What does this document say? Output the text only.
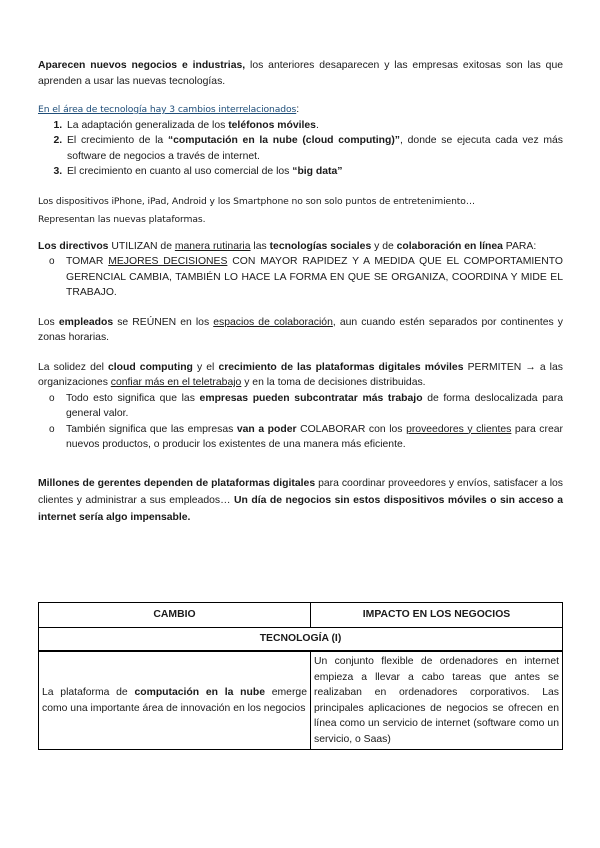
Aparecen nuevos negocios e industrias, los anteriores desaparecen y las empresas exitosas son las que aprenden a usar las nuevas tecnologías.

En el área de tecnología hay 3 cambios interrelacionados:

1. La adaptación generalizada de los teléfonos móviles.
2. El crecimiento de la “computación en la nube (cloud computing)”, donde se ejecuta cada vez más software de negocios a través de internet.
3. El crecimiento en cuanto al uso comercial de los “big data”

Los dispositivos iPhone, iPad, Android y los Smartphone no son solo puntos de entretenimiento…

Representan las nuevas plataformas.

Los directivos UTILIZAN de manera rutinaria las tecnologías sociales y de colaboración en línea PARA:

o TOMAR MEJORES DECISIONES CON MAYOR RAPIDEZ Y A MEDIDA QUE EL COMPORTAMIENTO GERENCIAL CAMBIA, TAMBIÉN LO HACE LA FORMA EN QUE SE ORGANIZA, COORDINA Y MIDE EL TRABAJO.

Los empleados se REÚNEN en los espacios de colaboración, aun cuando estén separados por continentes y zonas horarias.

La solidez del cloud computing y el crecimiento de las plataformas digitales móviles PERMITEN → a las organizaciones confiar más en el teletrabajo y en la toma de decisiones distribuidas.

o Todo esto significa que las empresas pueden subcontratar más trabajo de forma deslocalizada para general valor.
o También significa que las empresas van a poder COLABORAR con los proveedores y clientes para crear nuevos productos, o producir los existentes de una manera más eficiente.

Millones de gerentes dependen de plataformas digitales para coordinar proveedores y envíos, satisfacer a los clientes y administrar a sus empleados… Un día de negocios sin estos dispositivos móviles o sin acceso a internet sería algo impensable.

CAMBIO	IMPACTO EN LOS NEGOCIOS
TECNOLOGÍA (I)	
La plataforma de computación en la nube emerge como una importante área de innovación en los negocios	Un conjunto flexible de ordenadores en internet empieza a llevar a cabo tareas que antes se realizaban en ordenadores corporativos. Las principales aplicaciones de negocios se ofrecen en línea como un servicio de internet (software como un servicio, o Saas)
